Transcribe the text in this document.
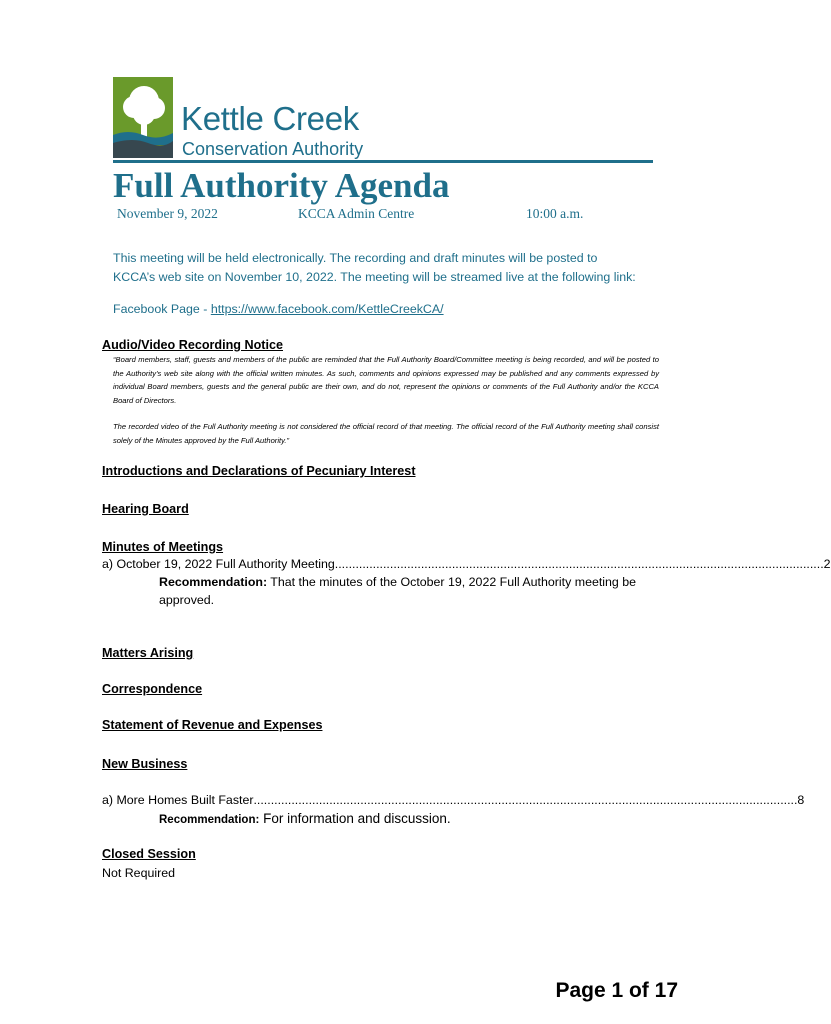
Kettle Creek
Conservation Authority
Full Authority Agenda
November 9, 2022	KCCA Admin Centre	10:00 a.m.
This meeting will be held electronically. The recording and draft minutes will be posted to
KCCA’s web site on November 10, 2022. The meeting will be streamed live at the following link:
Facebook Page - https://www.facebook.com/KettleCreekCA/
Audio/Video Recording Notice
“Board members, staff, guests and members of the public are reminded that the Full Authority Board/Committee meeting is being recorded, and will be posted to the Authority’s web site along with the official written minutes. As such, comments and opinions expressed may be published and any comments expressed by individual Board members, guests and the general public are their own, and do not, represent the opinions or comments of the Full Authority and/or the KCCA Board of Directors.
The recorded video of the Full Authority meeting is not considered the official record of that meeting. The official record of the Full Authority meeting shall consist solely of the Minutes approved by the Full Authority.”
Introductions and Declarations of Pecuniary Interest
Hearing Board
Minutes of Meetings
a) October 19, 2022 Full Authority Meeting .............................................................................................................................................. 2
Recommendation: That the minutes of the October 19, 2022 Full Authority meeting be approved.
Matters Arising
Correspondence
Statement of Revenue and Expenses
New Business
a) More Homes Built Faster .............................................................................................................................................................. 8
Recommendation: For information and discussion.
Closed Session
Not Required
Page 1 of 17
